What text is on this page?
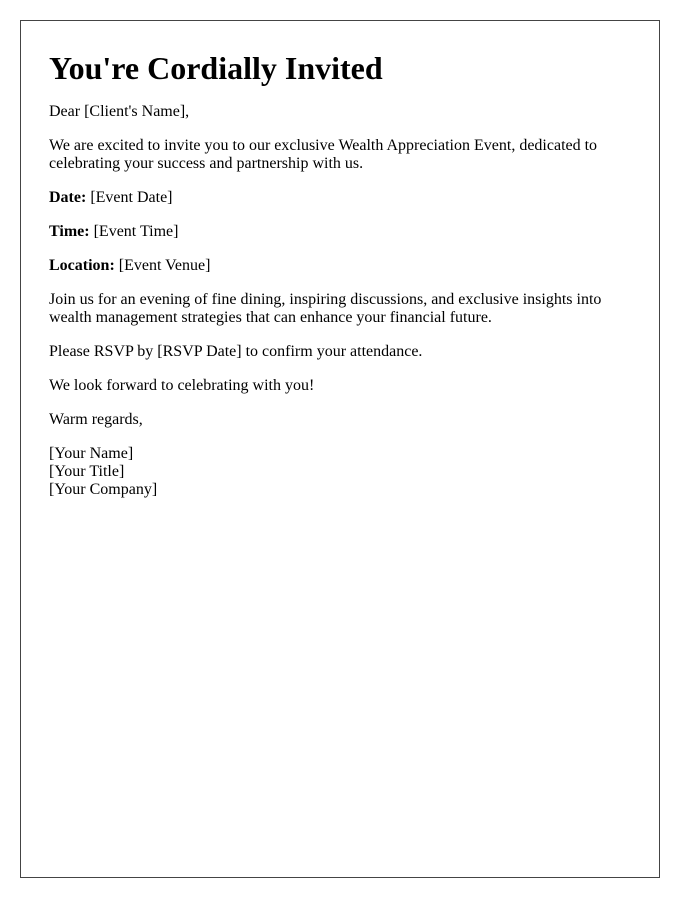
You're Cordially Invited

Dear [Client's Name],

We are excited to invite you to our exclusive Wealth Appreciation Event, dedicated to celebrating your success and partnership with us.

Date: [Event Date]

Time: [Event Time]

Location: [Event Venue]

Join us for an evening of fine dining, inspiring discussions, and exclusive insights into wealth management strategies that can enhance your financial future.

Please RSVP by [RSVP Date] to confirm your attendance.

We look forward to celebrating with you!

Warm regards,

[Your Name]
[Your Title]
[Your Company]
